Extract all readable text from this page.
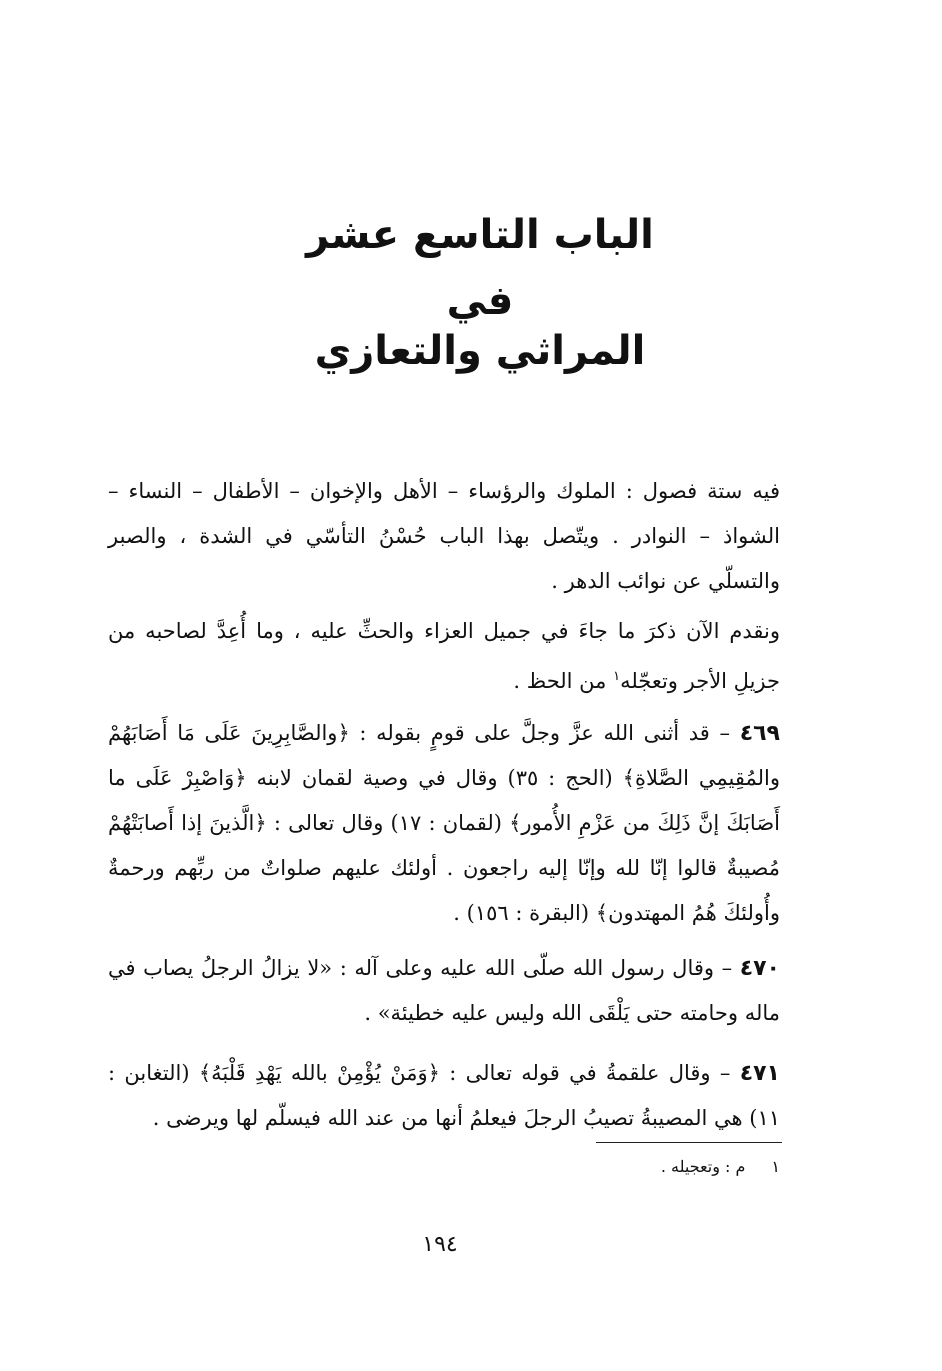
الباب التاسع عشر
في
المراثي والتعازي

فيه ستة فصول : الملوك والرؤساء – الأهل والإخوان – الأطفال – النساء – الشواذ – النوادر . ويتّصل بهذا الباب حُسْنُ التأسّي في الشدة ، والصبر والتسلّي عن نوائب الدهر .

ونقدم الآن ذكرَ ما جاءَ في جميل العزاء والحثِّ عليه ، وما أُعِدَّ لصاحبه من جزيلِ الأجر وتعجّله$^١$ من الحظ .

٤٦٩ – قد أثنى الله عزَّ وجلَّ على قومٍ بقوله : ﴿والصَّابِرِينَ عَلَى مَا أَصَابَهُمْ والمُقِيمِي الصَّلاةِ﴾ (الحج : ٣٥) وقال في وصية لقمان لابنه ﴿وَاصْبِرْ عَلَى ما أَصَابَكَ إنَّ ذَلِكَ من عَزْمِ الأُمور﴾ (لقمان : ١٧) وقال تعالى : ﴿الَّذينَ إذا أَصابَتْهُمْ مُصيبةٌ قالوا إنّا لله وإنّا إليه راجعون . أولئك عليهم صلواتٌ من ربِّهم ورحمةٌ وأُولئكَ هُمُ المهتدون﴾ (البقرة : ١٥٦) .

٤٧٠ – وقال رسول الله صلّى الله عليه وعلى آله : «لا يزالُ الرجلُ يصاب في ماله وحامته حتى يَلْقَى الله وليس عليه خطيئة» .

٤٧١ – وقال علقمةُ في قوله تعالى : ﴿وَمَنْ يُؤْمِنْ بالله يَهْدِ قَلْبَهُ﴾ (التغابن : ١١) هي المصيبةُ تصيبُ الرجلَ فيعلمُ أنها من عند الله فيسلّم لها ويرضى .

١م : وتعجيله .
١٩٤
